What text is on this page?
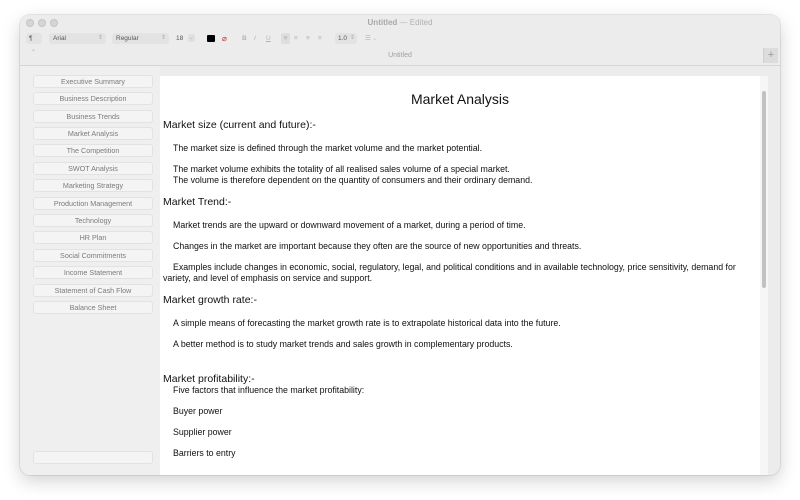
Untitled — Edited
¶ ⌄
Arial	⇕	Regular	⇕ 18 ⌄	⌀	B I U	≡	≡ ≡ ≡	1.0 ⇕ ☰ ⌄
Untitled	+
Executive Summary
Business Description
Business Trends
Market Analysis
The Competition
SWOT Analysis
Marketing Strategy
Production Management
Technology
HR Plan
Social Commitments
Income Statement
Statement of Cash Flow
Balance Sheet
Market Analysis
Market size (current and future):-
The market size is defined through the market volume and the market potential.
The market volume exhibits the totality of all realised sales volume of a special market.
The volume is therefore dependent on the quantity of consumers and their ordinary demand.
Market Trend:-
Market trends are the upward or downward movement of a market, during a period of time.
Changes in the market are important because they often are the source of new opportunities and threats.
Examples include changes in economic, social, regulatory, legal, and political conditions and in available technology, price sensitivity, demand for variety, and level of emphasis on service and support.
Market growth rate:-
A simple means of forecasting the market growth rate is to extrapolate historical data into the future.
A better method is to study market trends and sales growth in complementary products.
Market profitability:-
Five factors that influence the market profitability:
Buyer power
Supplier power
Barriers to entry
